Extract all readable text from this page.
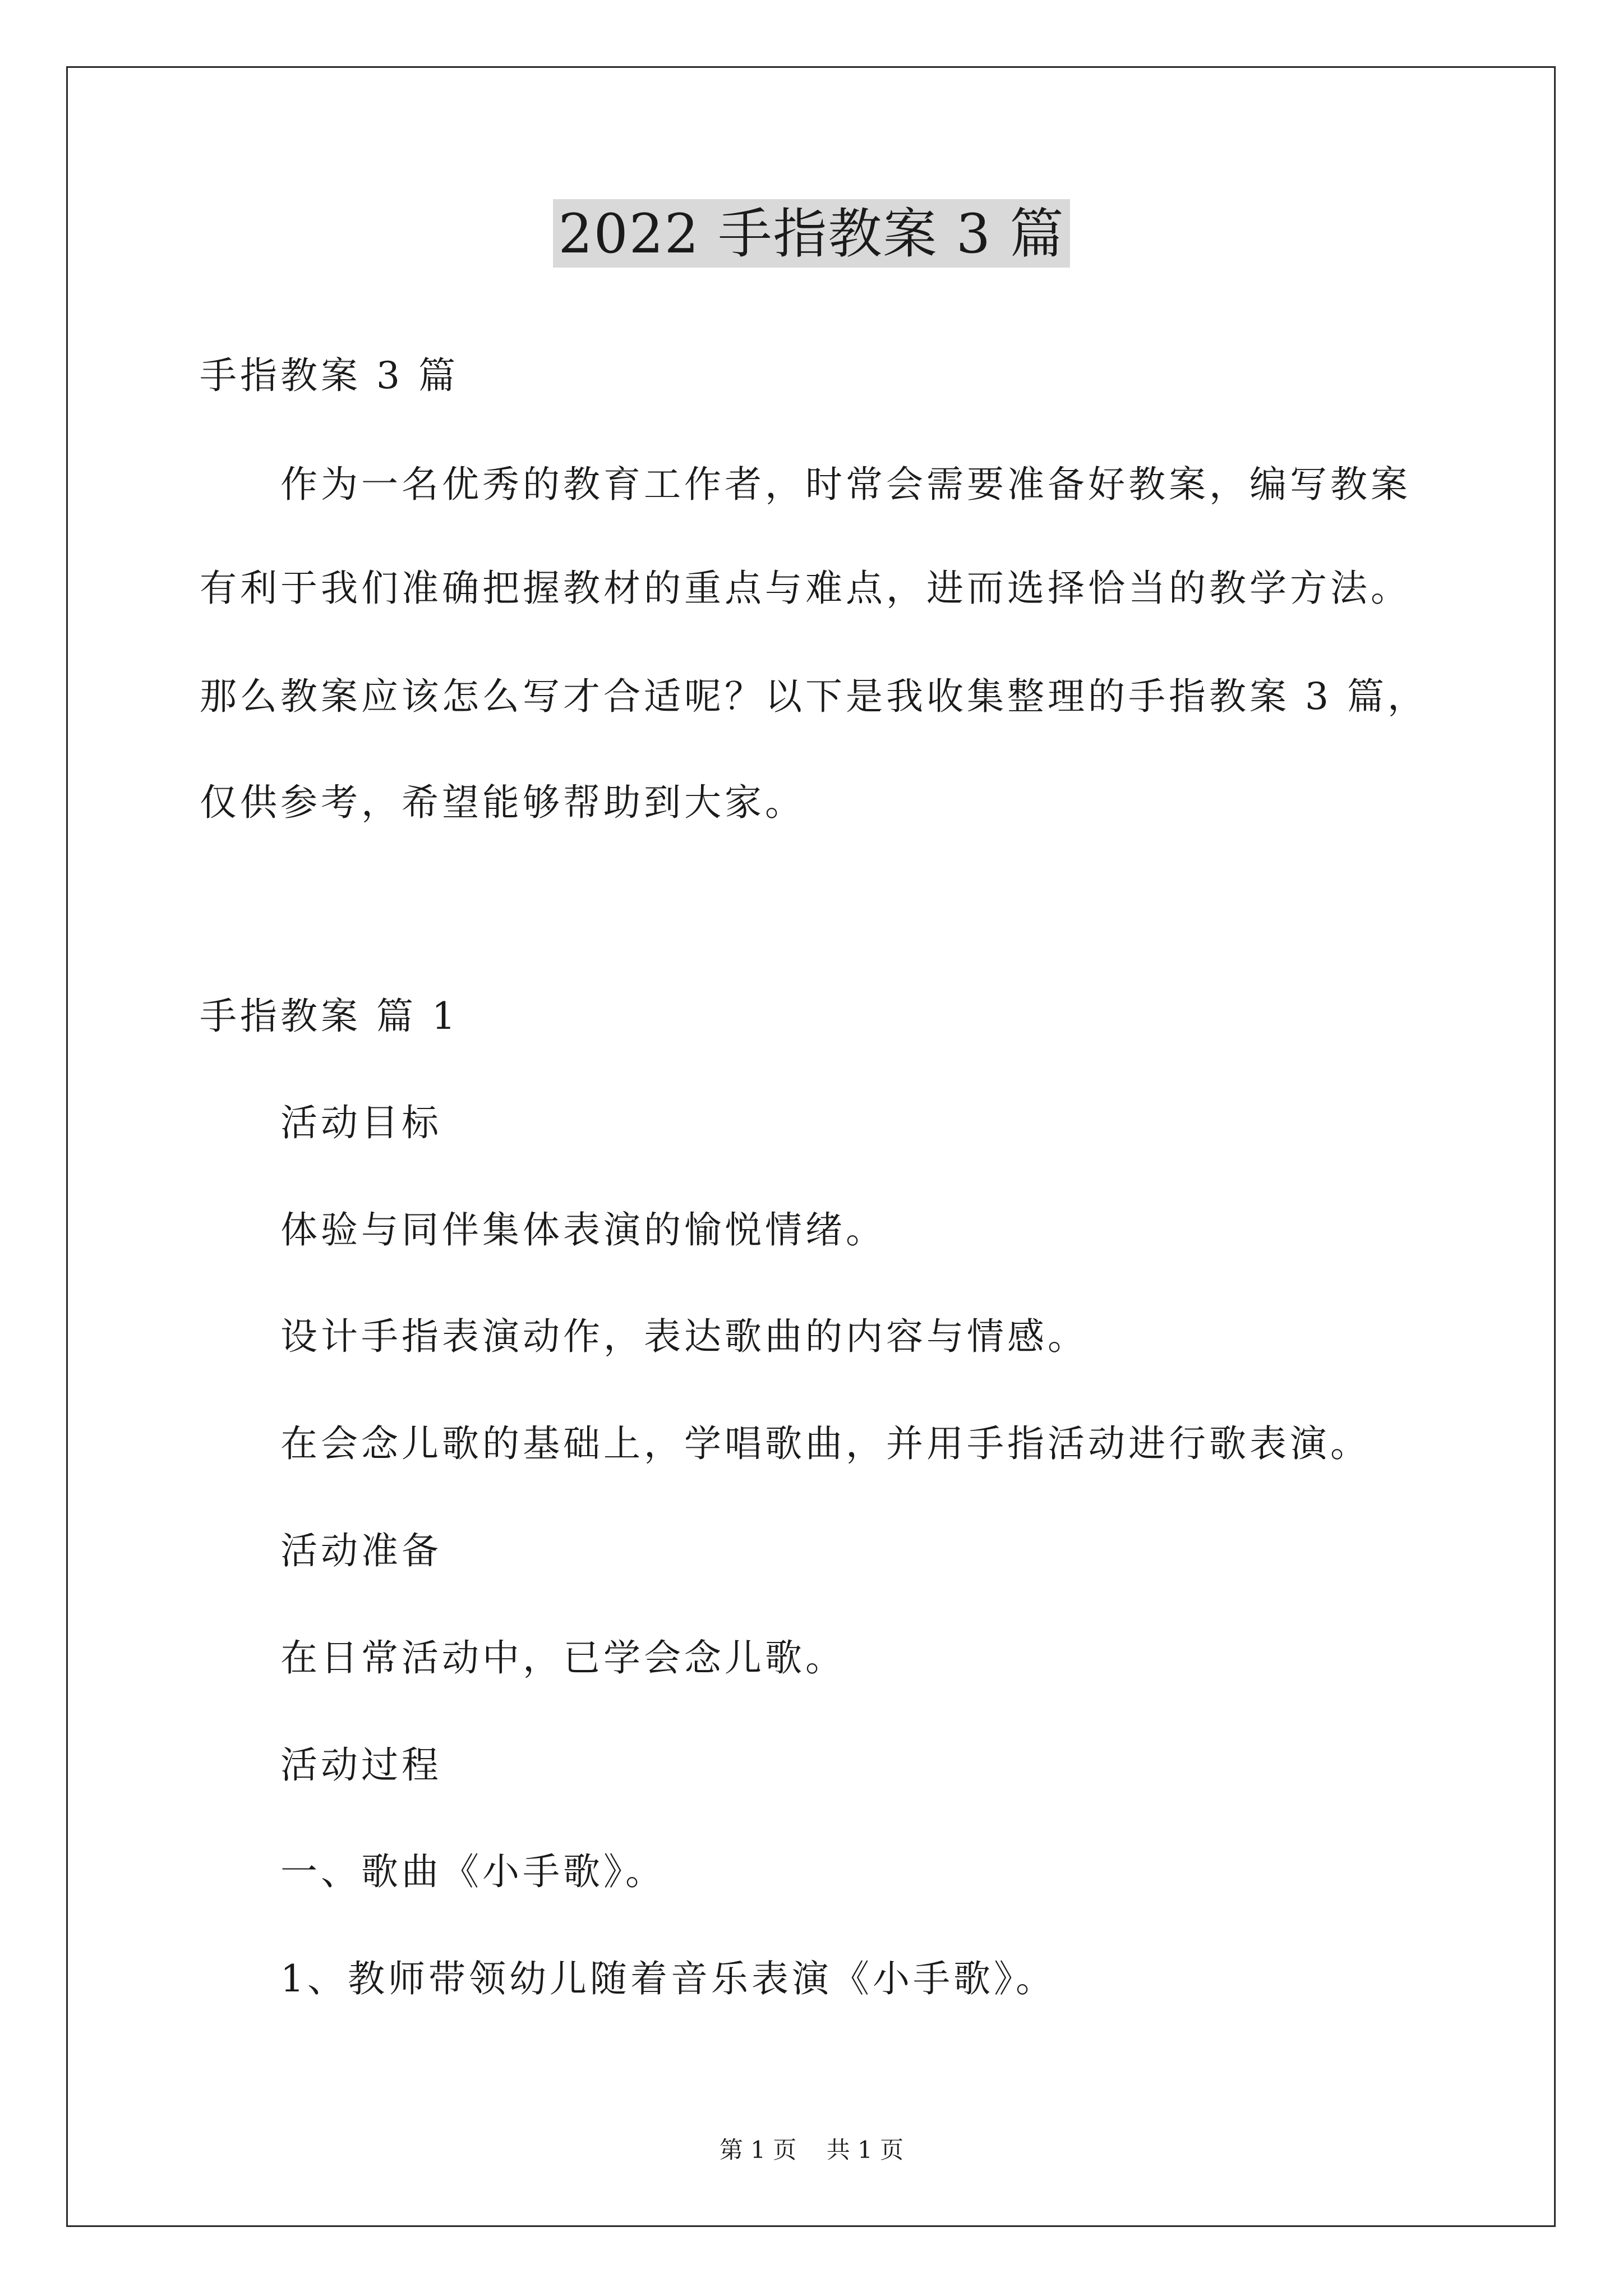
2022 手指教案 3 篇
手指教案 3 篇
作为一名优秀的教育工作者，时常会需要准备好教案，编写教案
有利于我们准确把握教材的重点与难点，进而选择恰当的教学方法。
那么教案应该怎么写才合适呢？以下是我收集整理的手指教案 3 篇，
仅供参考，希望能够帮助到大家。
手指教案 篇 1
活动目标
体验与同伴集体表演的愉悦情绪。
设计手指表演动作，表达歌曲的内容与情感。
在会念儿歌的基础上，学唱歌曲，并用手指活动进行歌表演。
活动准备
在日常活动中，已学会念儿歌。
活动过程
一、歌曲《小手歌》。
1、教师带领幼儿随着音乐表演《小手歌》。
第 1 页    共 1 页
